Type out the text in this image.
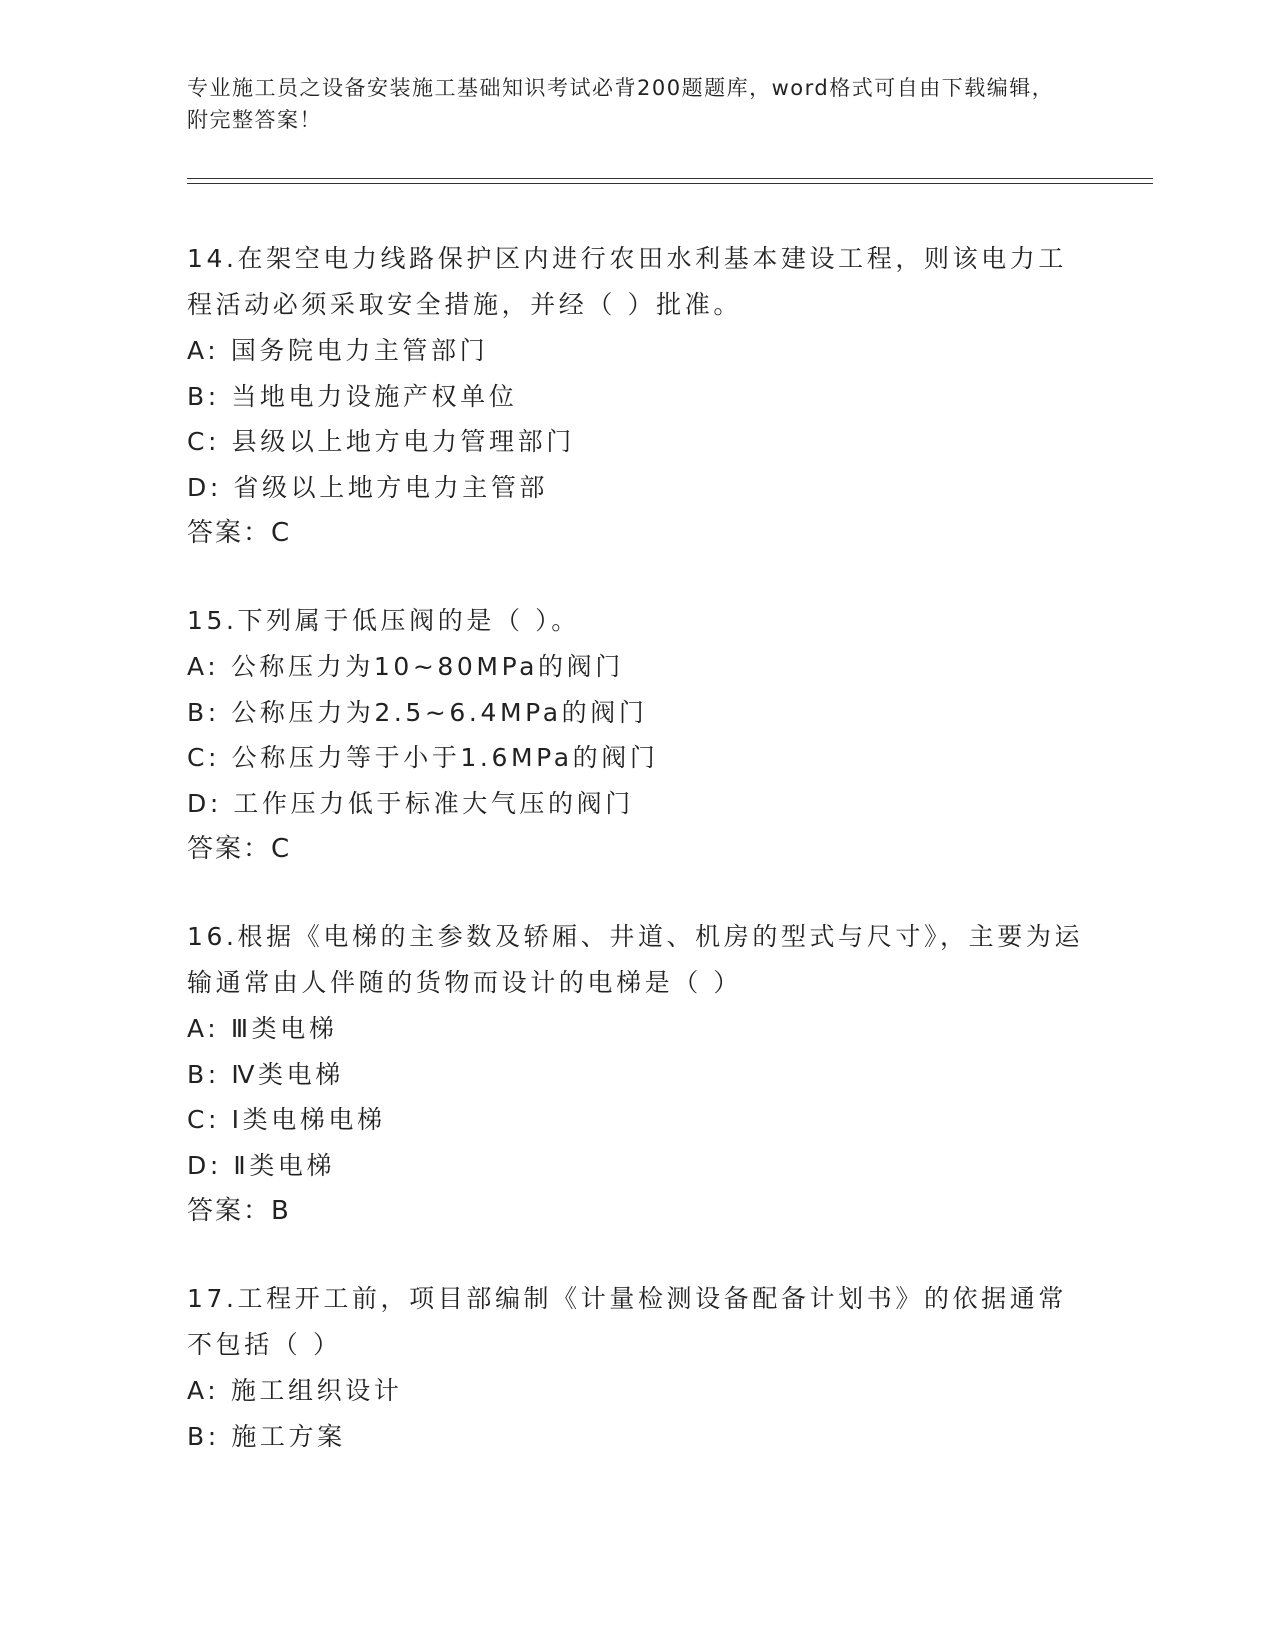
专业施工员之设备安装施工基础知识考试必背200题题库，word格式可自由下载编辑，附完整答案！

14.在架空电力线路保护区内进行农田水利基本建设工程，则该电力工程活动必须采取安全措施，并经（ ）批准。

A: 国务院电力主管部门

B: 当地电力设施产权单位

C: 县级以上地方电力管理部门

D: 省级以上地方电力主管部

答案：C

15.下列属于低压阀的是（ ）。

A: 公称压力为10~80MPa的阀门

B: 公称压力为2.5~6.4MPa的阀门

C: 公称压力等于小于1.6MPa的阀门

D: 工作压力低于标准大气压的阀门

答案：C

16.根据《电梯的主参数及轿厢、井道、机房的型式与尺寸》，主要为运输通常由人伴随的货物而设计的电梯是（ ）

A: Ⅲ类电梯

B: Ⅳ类电梯

C: Ⅰ类电梯电梯

D: Ⅱ类电梯

答案：B

17.工程开工前，项目部编制《计量检测设备配备计划书》的依据通常不包括（ ）

A: 施工组织设计

B: 施工方案
